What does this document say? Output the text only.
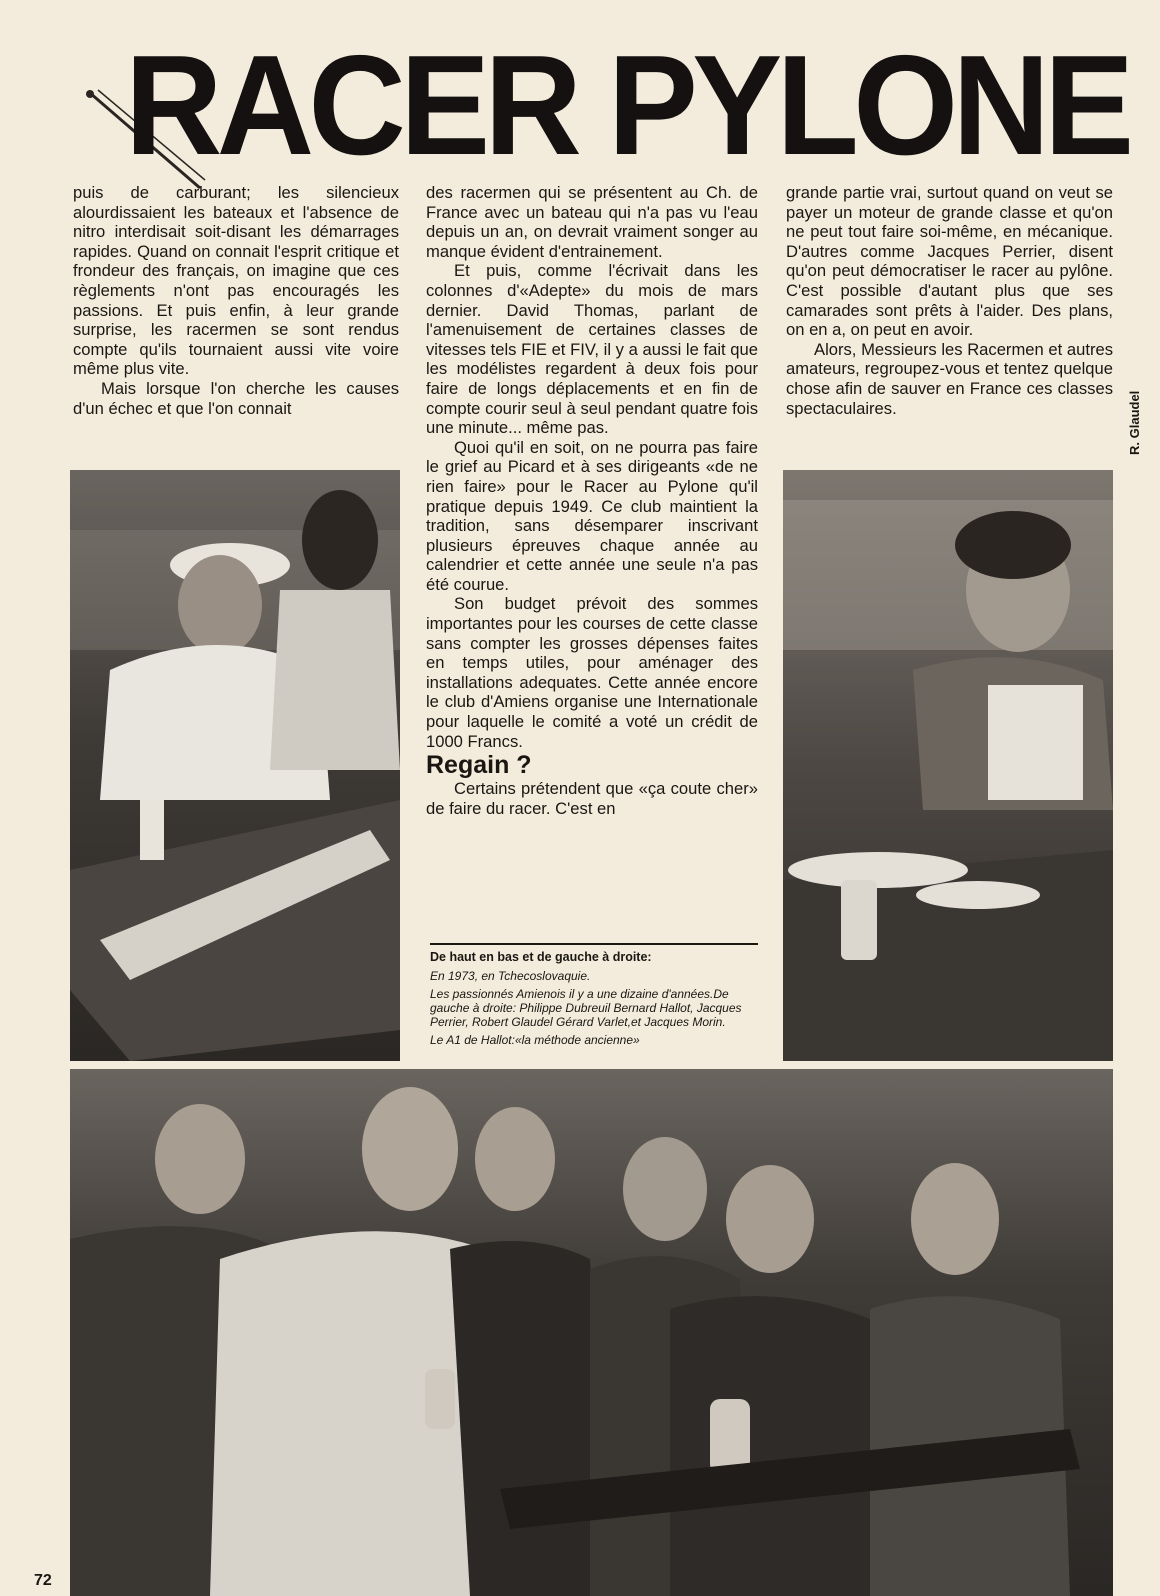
RACER PYLONE

puis de carburant; les silencieux alourdissaient les bateaux et l'absence de nitro interdisait soit-disant les démarrages rapides. Quand on connait l'esprit critique et frondeur des français, on imagine que ces règlements n'ont pas encouragés les passions. Et puis enfin, à leur grande surprise, les racermen se sont rendus compte qu'ils tournaient aussi vite voire même plus vite.

Mais lorsque l'on cherche les causes d'un échec et que l'on connait

des racermen qui se présentent au Ch. de France avec un bateau qui n'a pas vu l'eau depuis un an, on devrait vraiment songer au manque évident d'entrainement.

Et puis, comme l'écrivait dans les colonnes d'«Adepte» du mois de mars dernier. David Thomas, parlant de l'amenuisement de certaines classes de vitesses tels FIE et FIV, il y a aussi le fait que les modélistes regardent à deux fois pour faire de longs déplacements et en fin de compte courir seul à seul pendant quatre fois une minute... même pas.

Quoi qu'il en soit, on ne pourra pas faire le grief au Picard et à ses dirigeants «de ne rien faire» pour le Racer au Pylone qu'il pratique depuis 1949. Ce club maintient la tradition, sans désemparer inscrivant plusieurs épreuves chaque année au calendrier et cette année une seule n'a pas été courue.

Son budget prévoit des sommes importantes pour les courses de cette classe sans compter les grosses dépenses faites en temps utiles, pour aménager des installations adequates. Cette année encore le club d'Amiens organise une Internationale pour laquelle le comité a voté un crédit de 1000 Francs.

Regain ?

Certains prétendent que «ça coute cher» de faire du racer. C'est en

grande partie vrai, surtout quand on veut se payer un moteur de grande classe et qu'on ne peut tout faire soi-même, en mécanique. D'autres comme Jacques Perrier, disent qu'on peut démocratiser le racer au pylône. C'est possible d'autant plus que ses camarades sont prêts à l'aider. Des plans, on en a, on peut en avoir.

Alors, Messieurs les Racermen et autres amateurs, regroupez-vous et tentez quelque chose afin de sauver en France ces classes spectaculaires.	R. Glaudel
De haut en bas et de gauche à droite:

En 1973, en Tchecoslovaquie.

Les passionnés Amienois il y a une dizaine d'années.De gauche à droite: Philippe Dubreuil Bernard Hallot, Jacques Perrier, Robert Glaudel Gérard Varlet,et Jacques Morin.

Le A1 de Hallot:«la méthode ancienne»

72
